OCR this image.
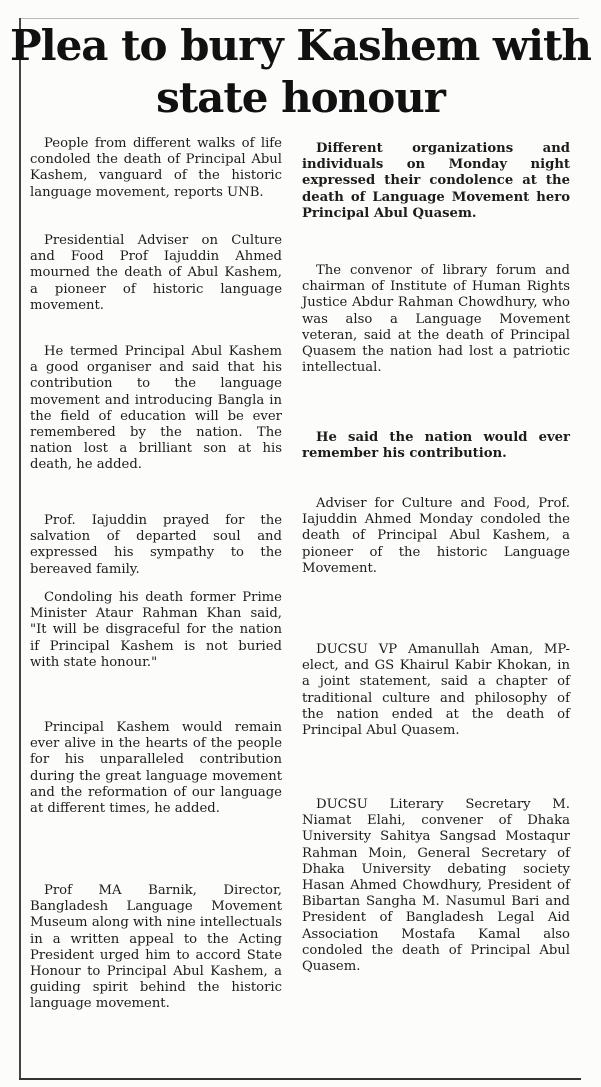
Plea to bury Kashem with state honour

People from different walks of life condoled the death of Principal Abul Kashem, vanguard of the historic language movement, reports UNB.

Presidential Adviser on Culture and Food Prof Iajuddin Ahmed mourned the death of Abul Kashem, a pioneer of historic language movement.

He termed Principal Abul Kashem a good organiser and said that his contribution to the language movement and introducing Bangla in the field of education will be ever remembered by the nation. The nation lost a brilliant son at his death, he added.

Prof. Iajuddin prayed for the salvation of departed soul and expressed his sympathy to the bereaved family.

Condoling his death former Prime Minister Ataur Rahman Khan said, "It will be disgraceful for the nation if Principal Kashem is not buried with state honour."

Principal Kashem would remain ever alive in the hearts of the people for his unparalleled contribution during the great language movement and the reformation of our language at different times, he added.

Prof MA Barnik, Director, Bangladesh Language Movement Museum along with nine intellectuals in a written appeal to the Acting President urged him to accord State Honour to Principal Abul Kashem, a guiding spirit behind the historic language movement.

Different organizations and individuals on Monday night expressed their condolence at the death of Language Movement hero Principal Abul Quasem.

The convenor of library forum and chairman of Institute of Human Rights Justice Abdur Rahman Chowdhury, who was also a Language Movement veteran, said at the death of Principal Quasem the nation had lost a patriotic intellectual.

He said the nation would ever remember his contribution.

Adviser for Culture and Food, Prof. Iajuddin Ahmed Monday condoled the death of Principal Abul Kashem, a pioneer of the historic Language Movement.

DUCSU VP Amanullah Aman, MP-elect, and GS Khairul Kabir Khokan, in a joint statement, said a chapter of traditional culture and philosophy of the nation ended at the death of Principal Abul Quasem.

DUCSU Literary Secretary M. Niamat Elahi, convener of Dhaka University Sahitya Sangsad Mostaqur Rahman Moin, General Secretary of Dhaka University debating society Hasan Ahmed Chowdhury, President of Bibartan Sangha M. Nasumul Bari and President of Bangladesh Legal Aid Association Mostafa Kamal also condoled the death of Principal Abul Quasem.
